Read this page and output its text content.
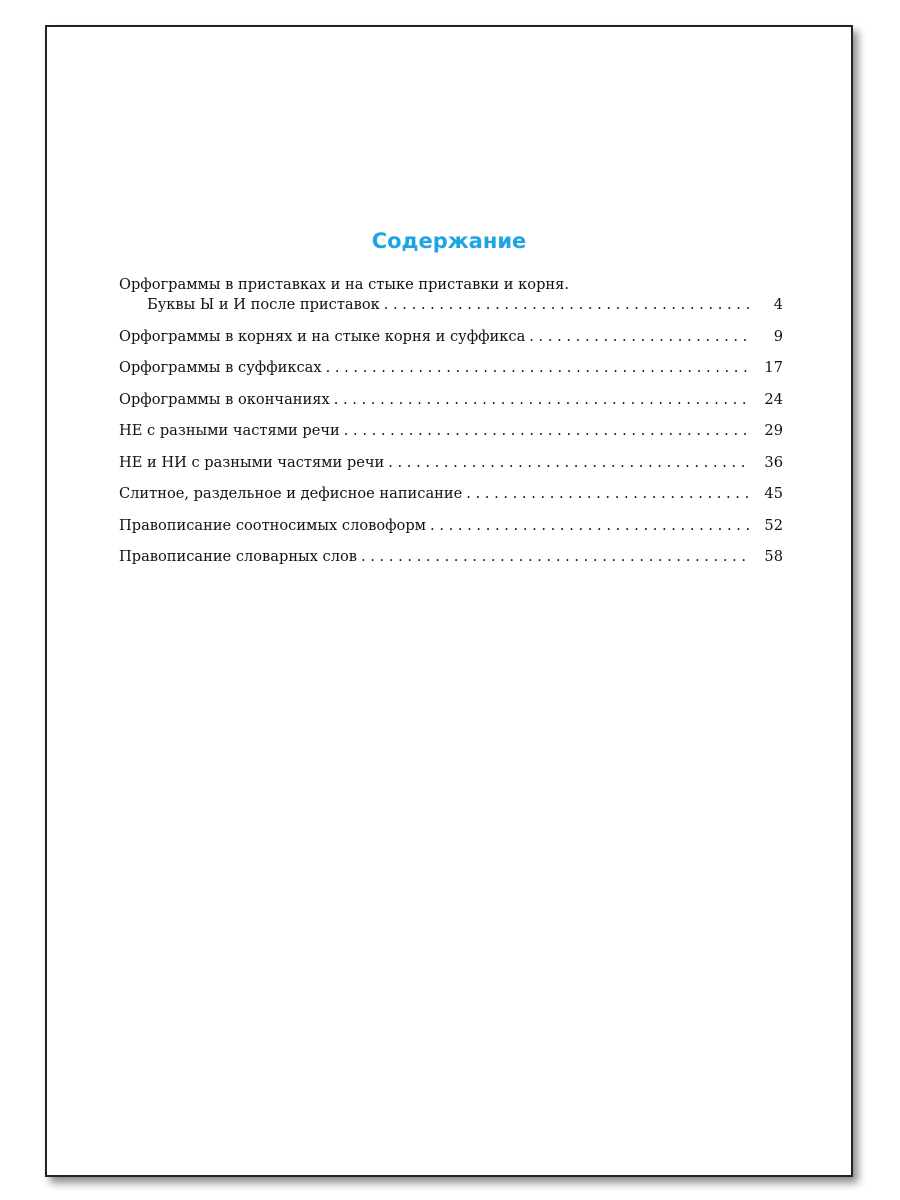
Содержание
Орфограммы в приставках и на стыке приставки и корня.
Буквы Ы и И после приставок . . .	4
Орфограммы в корнях и на стыке корня и суффикса . . .	9
Орфограммы в суффиксах . . .	17
Орфограммы в окончаниях . . .	24
НЕ с разными частями речи . . .	29
НЕ и НИ с разными частями речи . . .	36
Слитное, раздельное и дефисное написание . . .	45
Правописание соотносимых словоформ . . .	52
Правописание словарных слов . . .	58
